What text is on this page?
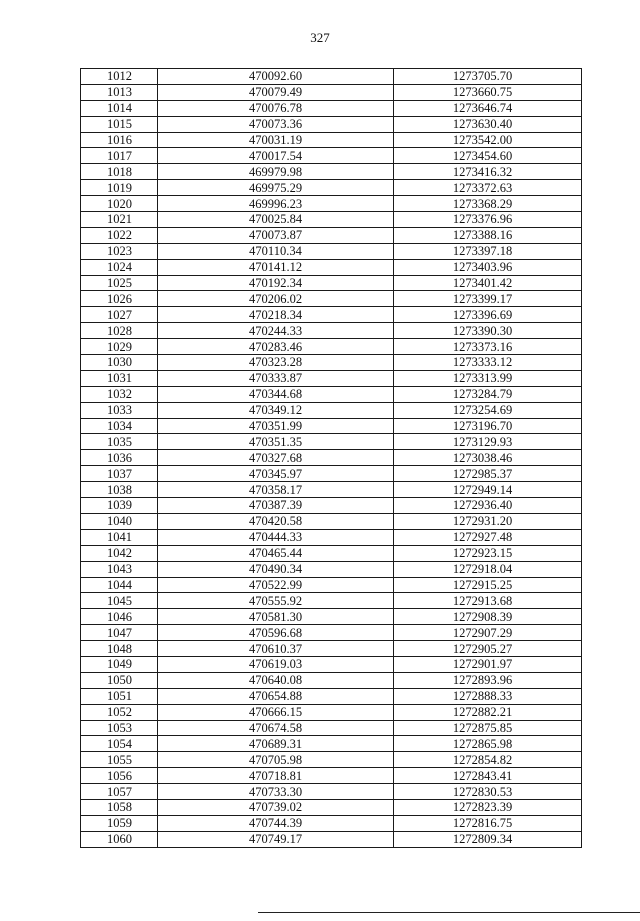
327
1012	470092.60	1273705.70
1013	470079.49	1273660.75
1014	470076.78	1273646.74
1015	470073.36	1273630.40
1016	470031.19	1273542.00
1017	470017.54	1273454.60
1018	469979.98	1273416.32
1019	469975.29	1273372.63
1020	469996.23	1273368.29
1021	470025.84	1273376.96
1022	470073.87	1273388.16
1023	470110.34	1273397.18
1024	470141.12	1273403.96
1025	470192.34	1273401.42
1026	470206.02	1273399.17
1027	470218.34	1273396.69
1028	470244.33	1273390.30
1029	470283.46	1273373.16
1030	470323.28	1273333.12
1031	470333.87	1273313.99
1032	470344.68	1273284.79
1033	470349.12	1273254.69
1034	470351.99	1273196.70
1035	470351.35	1273129.93
1036	470327.68	1273038.46
1037	470345.97	1272985.37
1038	470358.17	1272949.14
1039	470387.39	1272936.40
1040	470420.58	1272931.20
1041	470444.33	1272927.48
1042	470465.44	1272923.15
1043	470490.34	1272918.04
1044	470522.99	1272915.25
1045	470555.92	1272913.68
1046	470581.30	1272908.39
1047	470596.68	1272907.29
1048	470610.37	1272905.27
1049	470619.03	1272901.97
1050	470640.08	1272893.96
1051	470654.88	1272888.33
1052	470666.15	1272882.21
1053	470674.58	1272875.85
1054	470689.31	1272865.98
1055	470705.98	1272854.82
1056	470718.81	1272843.41
1057	470733.30	1272830.53
1058	470739.02	1272823.39
1059	470744.39	1272816.75
1060	470749.17	1272809.34
